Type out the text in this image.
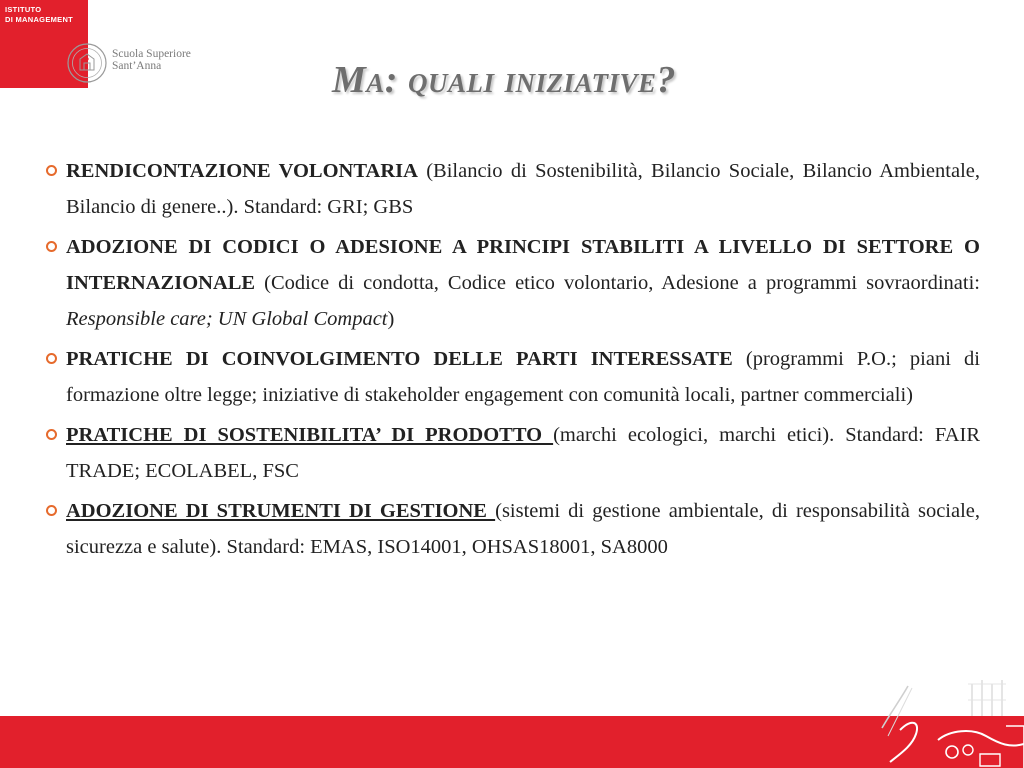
ISTITUTO
DI MANAGEMENT
Scuola Superiore
Sant’Anna	Ma: quali iniziative?
RENDICONTAZIONE VOLONTARIA (Bilancio di Sostenibilità, Bilancio Sociale, Bilancio Ambientale, Bilancio di genere..). Standard: GRI; GBS
ADOZIONE DI CODICI O ADESIONE A PRINCIPI STABILITI A LIVELLO DI SETTORE O INTERNAZIONALE (Codice di condotta, Codice etico volontario, Adesione a programmi sovraordinati: Responsible care; UN Global Compact)
PRATICHE DI COINVOLGIMENTO DELLE PARTI INTERESSATE (programmi P.O.; piani di formazione oltre legge; iniziative di stakeholder engagement con comunità locali, partner commerciali)
PRATICHE DI SOSTENIBILITA’ DI PRODOTTO (marchi ecologici, marchi etici). Standard: FAIR TRADE; ECOLABEL, FSC
ADOZIONE DI STRUMENTI DI GESTIONE (sistemi di gestione ambientale, di responsabilità sociale, sicurezza e salute). Standard: EMAS, ISO14001, OHSAS18001, SA8000
